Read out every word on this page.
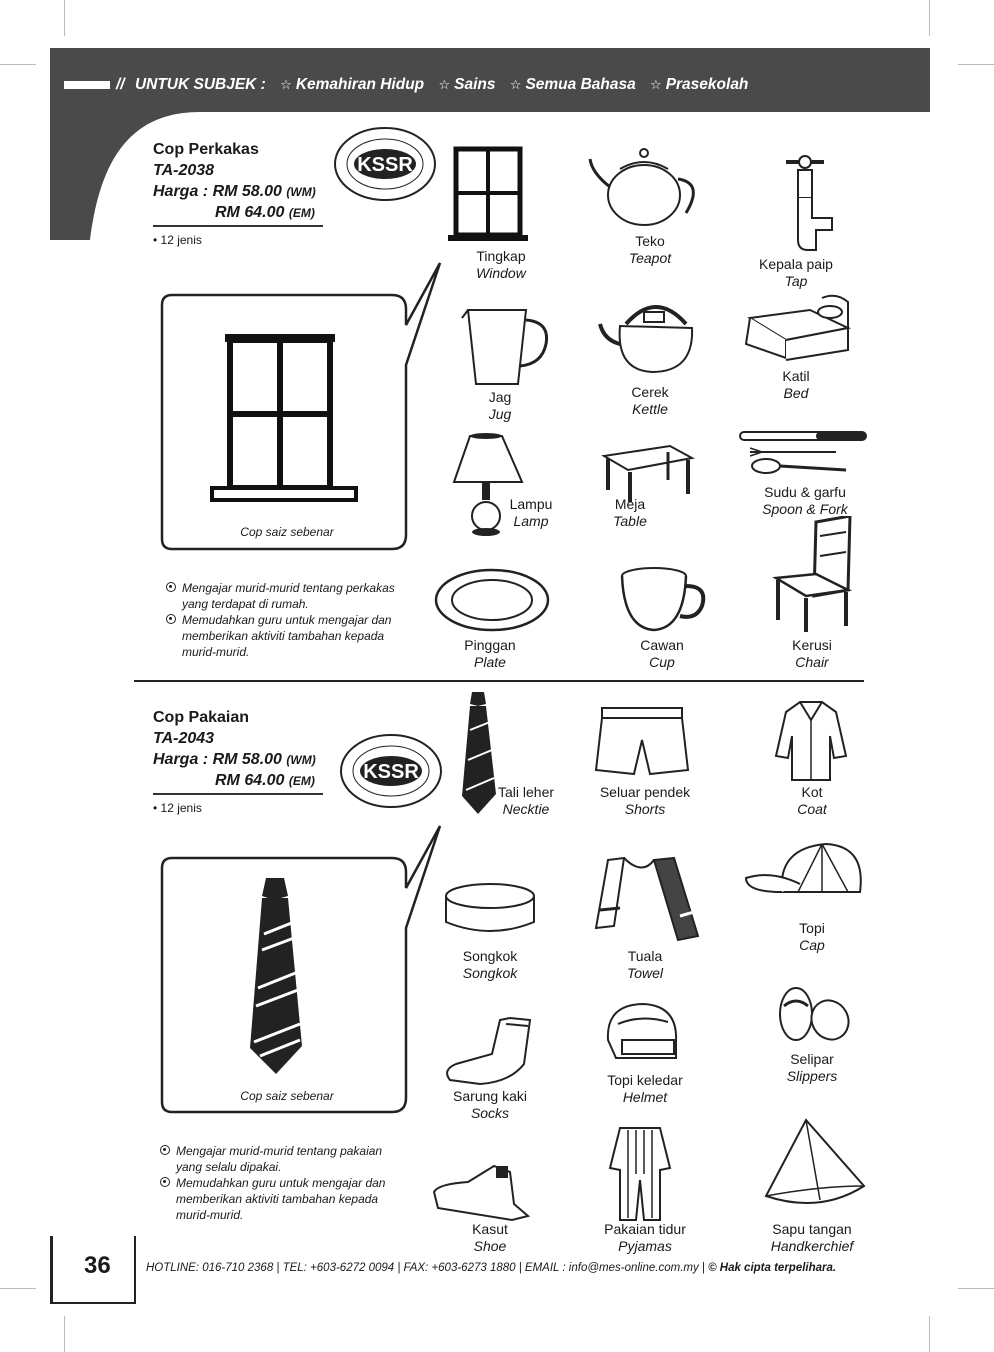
// UNTUK SUBJEK : ☆ Kemahiran Hidup ☆ Sains ☆ Semua Bahasa ☆ Prasekolah
Cop Perkakas
TA-2038
Harga : RM 58.00 (WM)
RM 64.00 (EM)
• 12 jenis
KSSR
Cop saiz sebenar
Mengajar murid-murid tentang perkakas yang terdapat di rumah.
Memudahkan guru untuk mengajar dan memberikan aktiviti tambahan kepada murid-murid.
Tingkap
Window
Teko
Teapot	Kepala paip
Tap
Jag
Jug
Cerek
Kettle
Katil
Bed
Lampu
Lamp
Meja
Table
Sudu & garfu
Spoon & Fork
Pinggan
Plate
Cawan
Cup
Kerusi
Chair
Cop Pakaian
TA-2043
Harga : RM 58.00 (WM)
RM 64.00 (EM)
• 12 jenis
KSSR
Cop saiz sebenar
Mengajar murid-murid tentang pakaian yang selalu dipakai.
Memudahkan guru untuk mengajar dan memberikan aktiviti tambahan kepada murid-murid.
Tali leher
Necktie
Seluar pendek
Shorts
Kot
Coat
Songkok
Songkok
Tuala
Towel
Topi
Cap
Sarung kaki
Socks
Topi keledar
Helmet
Selipar
Slippers
Kasut
Shoe
Pakaian tidur
Pyjamas
Sapu tangan
Handkerchief
36	HOTLINE: 016-710 2368 | TEL: +603-6272 0094 | FAX: +603-6273 1880 | EMAIL : info@mes-online.com.my | © Hak cipta terpelihara.
